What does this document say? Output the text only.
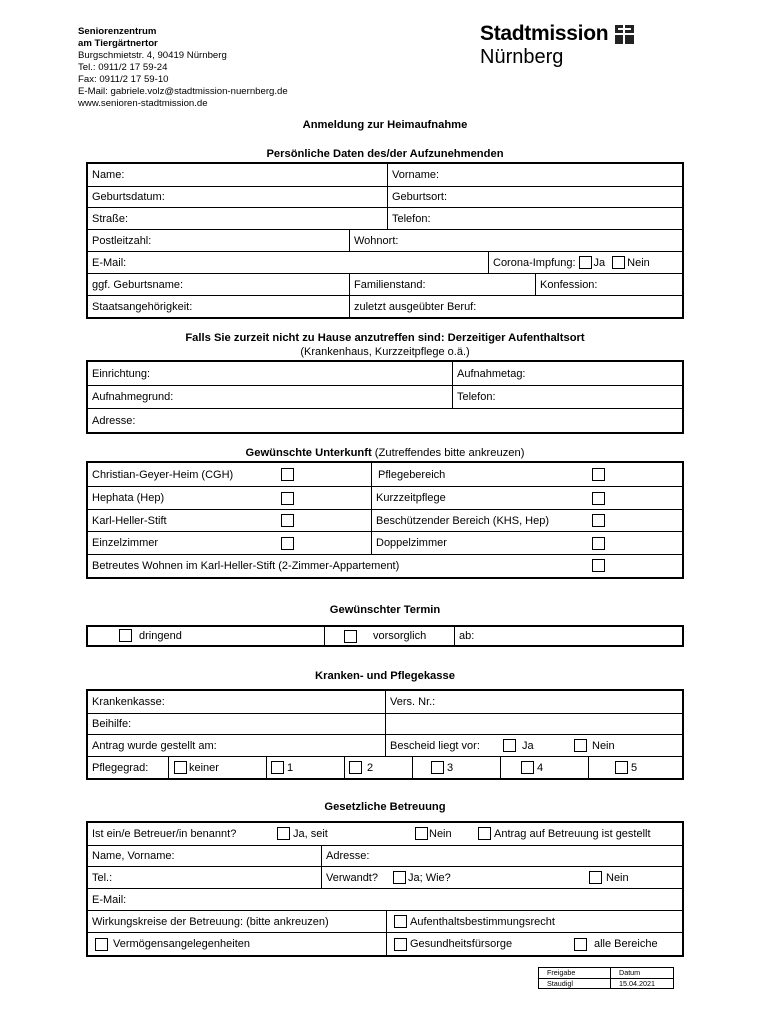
Seniorenzentrum
am Tiergärtnertor
Burgschmietstr. 4, 90419 Nürnberg
Tel.: 0911/2 17 59-24
Fax: 0911/2 17 59-10
E-Mail: gabriele.volz@stadtmission-nuernberg.de
www.senioren-stadtmission.de
Stadtmission
Nürnberg
Anmeldung zur Heimaufnahme
Persönliche Daten des/der Aufzunehmenden
Name:	Vorname:
Geburtsdatum:	Geburtsort:
Straße:	Telefon:
Postleitzahl:	Wohnort:
E-Mail:	Corona-Impfung: Ja Nein
ggf. Geburtsname:	Familienstand:	Konfession:
Staatsangehörigkeit:	zuletzt ausgeübter Beruf:
Falls Sie zurzeit nicht zu Hause anzutreffen sind: Derzeitiger Aufenthaltsort
(Krankenhaus, Kurzzeitpflege o.ä.)
Einrichtung:	Aufnahmetag:
Aufnahmegrund:	Telefon:
Adresse:
Gewünschte Unterkunft (Zutreffendes bitte ankreuzen)
Christian-Geyer-Heim (CGH)	Pflegebereich
Hephata (Hep)	Kurzzeitpflege
Karl-Heller-Stift	Beschützender Bereich (KHS, Hep)
Einzelzimmer	Doppelzimmer
Betreutes Wohnen im Karl-Heller-Stift (2-Zimmer-Appartement)
Gewünschter Termin
dringend	vorsorglich	ab:
Kranken- und Pflegekasse
Krankenkasse:	Vers. Nr.:
Beihilfe:
Antrag wurde gestellt am:	Bescheid liegt vor:	Ja	Nein
Pflegegrad:	keiner	1	2	3	4	5
Gesetzliche Betreuung
Ist ein/e Betreuer/in benannt?	Ja, seit	Nein	Antrag auf Betreuung ist gestellt
Name, Vorname:	Adresse:
Tel.:	Verwandt?	Ja; Wie?	Nein
E-Mail:
Wirkungskreise der Betreuung: (bitte ankreuzen)	Aufenthaltsbestimmungsrecht
Vermögensangelegenheiten	Gesundheitsfürsorge	alle Bereiche
Freigabe	Datum
Staudigl	15.04.2021
